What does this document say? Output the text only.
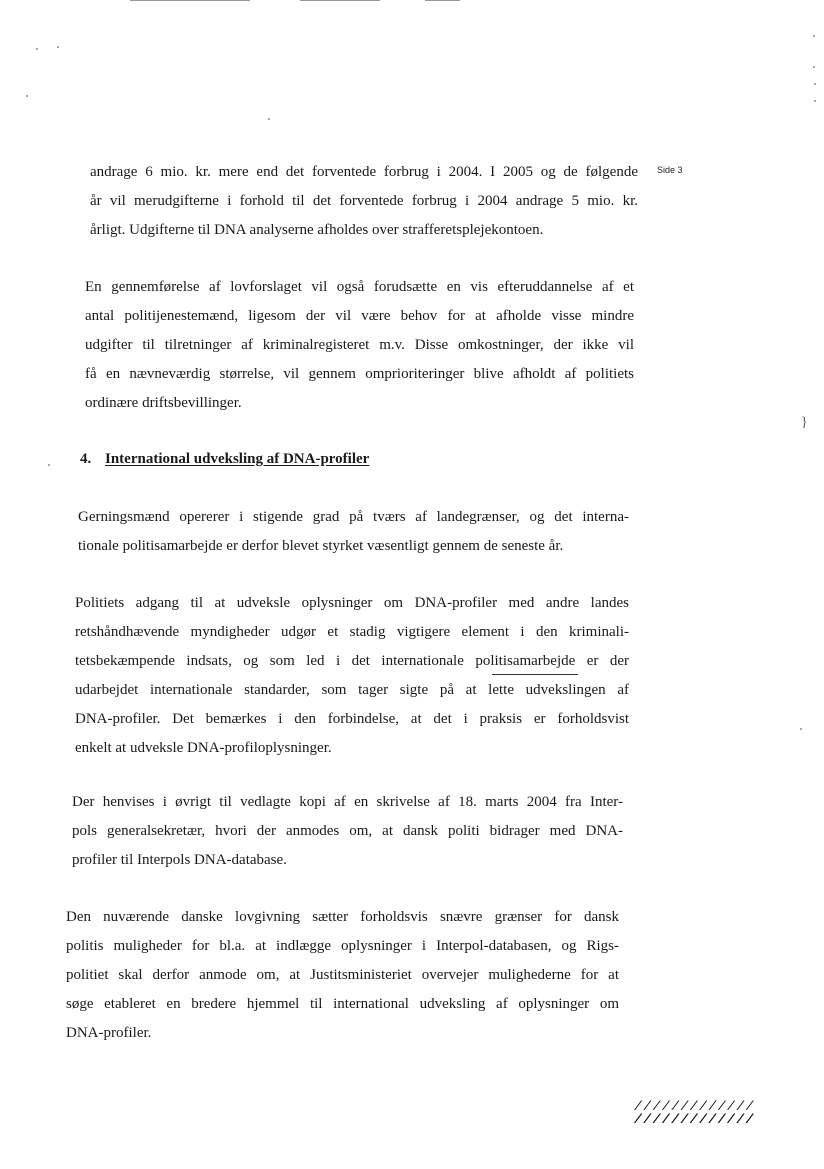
}
Side 3
andrage 6 mio. kr. mere end det forventede forbrug i 2004. I 2005 og de følgende
år vil merudgifterne i forhold til det forventede forbrug i 2004 andrage 5 mio. kr.
årligt. Udgifterne til DNA analyserne afholdes over strafferetsplejekontoen.
En gennemførelse af lovforslaget vil også forudsætte en vis efteruddannelse af et
antal politijenestemænd, ligesom der vil være behov for at afholde visse mindre
udgifter til tilretninger af kriminalregisteret m.v. Disse omkostninger, der ikke vil
få en nævneværdig størrelse, vil gennem omprioriteringer blive afholdt af politiets
ordinære driftsbevillinger.
4. International udveksling af DNA-profiler
Gerningsmænd opererer i stigende grad på tværs af landegrænser, og det interna-
tionale politisamarbejde er derfor blevet styrket væsentligt gennem de seneste år.
Politiets adgang til at udveksle oplysninger om DNA-profiler med andre landes
retshåndhævende myndigheder udgør et stadig vigtigere element i den kriminali-
tetsbekæmpende indsats, og som led i det internationale politisamarbejde er der
udarbejdet internationale standarder, som tager sigte på at lette udvekslingen af
DNA-profiler. Det bemærkes i den forbindelse, at det i praksis er forholdsvist
enkelt at udveksle DNA-profiloplysninger.
Der henvises i øvrigt til vedlagte kopi af en skrivelse af 18. marts 2004 fra Inter-
pols generalsekretær, hvori der anmodes om, at dansk politi bidrager med DNA-
profiler til Interpols DNA-database.
Den nuværende danske lovgivning sætter forholdsvis snævre grænser for dansk
politis muligheder for bl.a. at indlægge oplysninger i Interpol-databasen, og Rigs-
politiet skal derfor anmode om, at Justitsministeriet overvejer mulighederne for at
søge etableret en bredere hjemmel til international udveksling af oplysninger om
DNA-profiler.
/////////////
/////////////
